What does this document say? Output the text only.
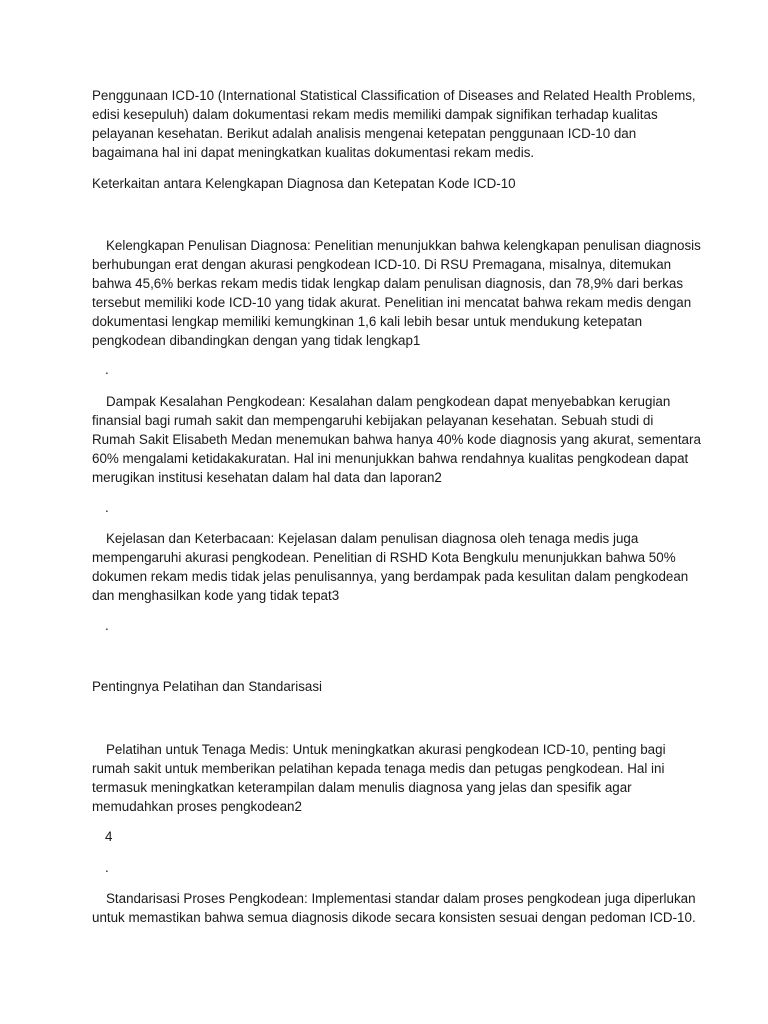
Penggunaan ICD-10 (International Statistical Classification of Diseases and Related Health Problems,
edisi kesepuluh) dalam dokumentasi rekam medis memiliki dampak signifikan terhadap kualitas
pelayanan kesehatan. Berikut adalah analisis mengenai ketepatan penggunaan ICD-10 dan
bagaimana hal ini dapat meningkatkan kualitas dokumentasi rekam medis.
Keterkaitan antara Kelengkapan Diagnosa dan Ketepatan Kode ICD-10
Kelengkapan Penulisan Diagnosa: Penelitian menunjukkan bahwa kelengkapan penulisan diagnosis
berhubungan erat dengan akurasi pengkodean ICD-10. Di RSU Premagana, misalnya, ditemukan
bahwa 45,6% berkas rekam medis tidak lengkap dalam penulisan diagnosis, dan 78,9% dari berkas
tersebut memiliki kode ICD-10 yang tidak akurat. Penelitian ini mencatat bahwa rekam medis dengan
dokumentasi lengkap memiliki kemungkinan 1,6 kali lebih besar untuk mendukung ketepatan
pengkodean dibandingkan dengan yang tidak lengkap1
.
Dampak Kesalahan Pengkodean: Kesalahan dalam pengkodean dapat menyebabkan kerugian
finansial bagi rumah sakit dan mempengaruhi kebijakan pelayanan kesehatan. Sebuah studi di
Rumah Sakit Elisabeth Medan menemukan bahwa hanya 40% kode diagnosis yang akurat, sementara
60% mengalami ketidakakuratan. Hal ini menunjukkan bahwa rendahnya kualitas pengkodean dapat
merugikan institusi kesehatan dalam hal data dan laporan2
.
Kejelasan dan Keterbacaan: Kejelasan dalam penulisan diagnosa oleh tenaga medis juga
mempengaruhi akurasi pengkodean. Penelitian di RSHD Kota Bengkulu menunjukkan bahwa 50%
dokumen rekam medis tidak jelas penulisannya, yang berdampak pada kesulitan dalam pengkodean
dan menghasilkan kode yang tidak tepat3
.
Pentingnya Pelatihan dan Standarisasi
Pelatihan untuk Tenaga Medis: Untuk meningkatkan akurasi pengkodean ICD-10, penting bagi
rumah sakit untuk memberikan pelatihan kepada tenaga medis dan petugas pengkodean. Hal ini
termasuk meningkatkan keterampilan dalam menulis diagnosa yang jelas dan spesifik agar
memudahkan proses pengkodean2
4
.
Standarisasi Proses Pengkodean: Implementasi standar dalam proses pengkodean juga diperlukan
untuk memastikan bahwa semua diagnosis dikode secara konsisten sesuai dengan pedoman ICD-10.
